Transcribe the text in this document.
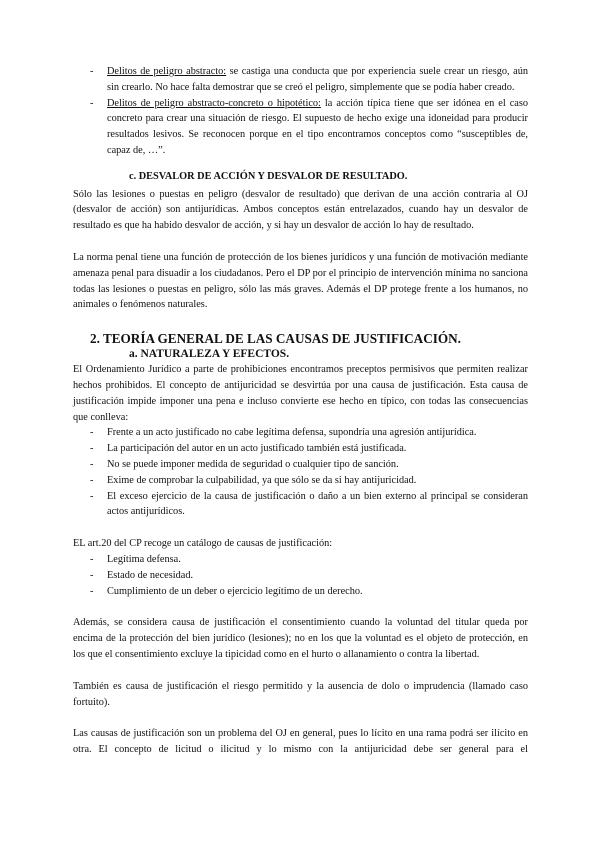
- Delitos de peligro abstracto: se castiga una conducta que por experiencia suele crear un riesgo, aún sin crearlo. No hace falta demostrar que se creó el peligro, simplemente que se podía haber creado.
- Delitos de peligro abstracto-concreto o hipotético: la acción típica tiene que ser idónea en el caso concreto para crear una situación de riesgo. El supuesto de hecho exige una idoneidad para producir resultados lesivos. Se reconocen porque en el tipo encontramos conceptos como “susceptibles de, capaz de, …”.
c. DESVALOR DE ACCIÓN Y DESVALOR DE RESULTADO.

Sólo las lesiones o puestas en peligro (desvalor de resultado) que derivan de una acción contraria al OJ (desvalor de acción) son antijurídicas. Ambos conceptos están entrelazados, cuando hay un desvalor de resultado es que ha habido desvalor de acción, y si hay un desvalor de acción lo hay de resultado.

La norma penal tiene una función de protección de los bienes jurídicos y una función de motivación mediante amenaza penal para disuadir a los ciudadanos. Pero el DP por el principio de intervención mínima no sanciona todas las lesiones o puestas en peligro, sólo las más graves. Además el DP protege frente a los humanos, no animales o fenómenos naturales.

2. TEORÍA GENERAL DE LAS CAUSAS DE JUSTIFICACIÓN.
a. NATURALEZA Y EFECTOS.

El Ordenamiento Jurídico a parte de prohibiciones encontramos preceptos permisivos que permiten realizar hechos prohibidos. El concepto de antijuricidad se desvirtúa por una causa de justificación. Esta causa de justificación impide imponer una pena e incluso convierte ese hecho en típico, con todas las consecuencias que conlleva:

- Frente a un acto justificado no cabe legítima defensa, supondría una agresión antijurídica.
- La participación del autor en un acto justificado también está justificada.
- No se puede imponer medida de seguridad o cualquier tipo de sanción.
- Exime de comprobar la culpabilidad, ya que sólo se da si hay antijuricidad.
- El exceso ejercicio de la causa de justificación o daño a un bien externo al principal se consideran actos antijurídicos.

EL art.20 del CP recoge un catálogo de causas de justificación:

- Legítima defensa.
- Estado de necesidad.
- Cumplimiento de un deber o ejercicio legítimo de un derecho.

Además, se considera causa de justificación el consentimiento cuando la voluntad del titular queda por encima de la protección del bien jurídico (lesiones); no en los que la voluntad es el objeto de protección, en los que el consentimiento excluye la tipicidad como en el hurto o allanamiento o contra la libertad.

También es causa de justificación el riesgo permitido y la ausencia de dolo o imprudencia (llamado caso fortuito).

Las causas de justificación son un problema del OJ en general, pues lo lícito en una rama podrá ser ilícito en otra. El concepto de licitud o ilicitud y lo mismo con la antijuricidad debe ser general para el
